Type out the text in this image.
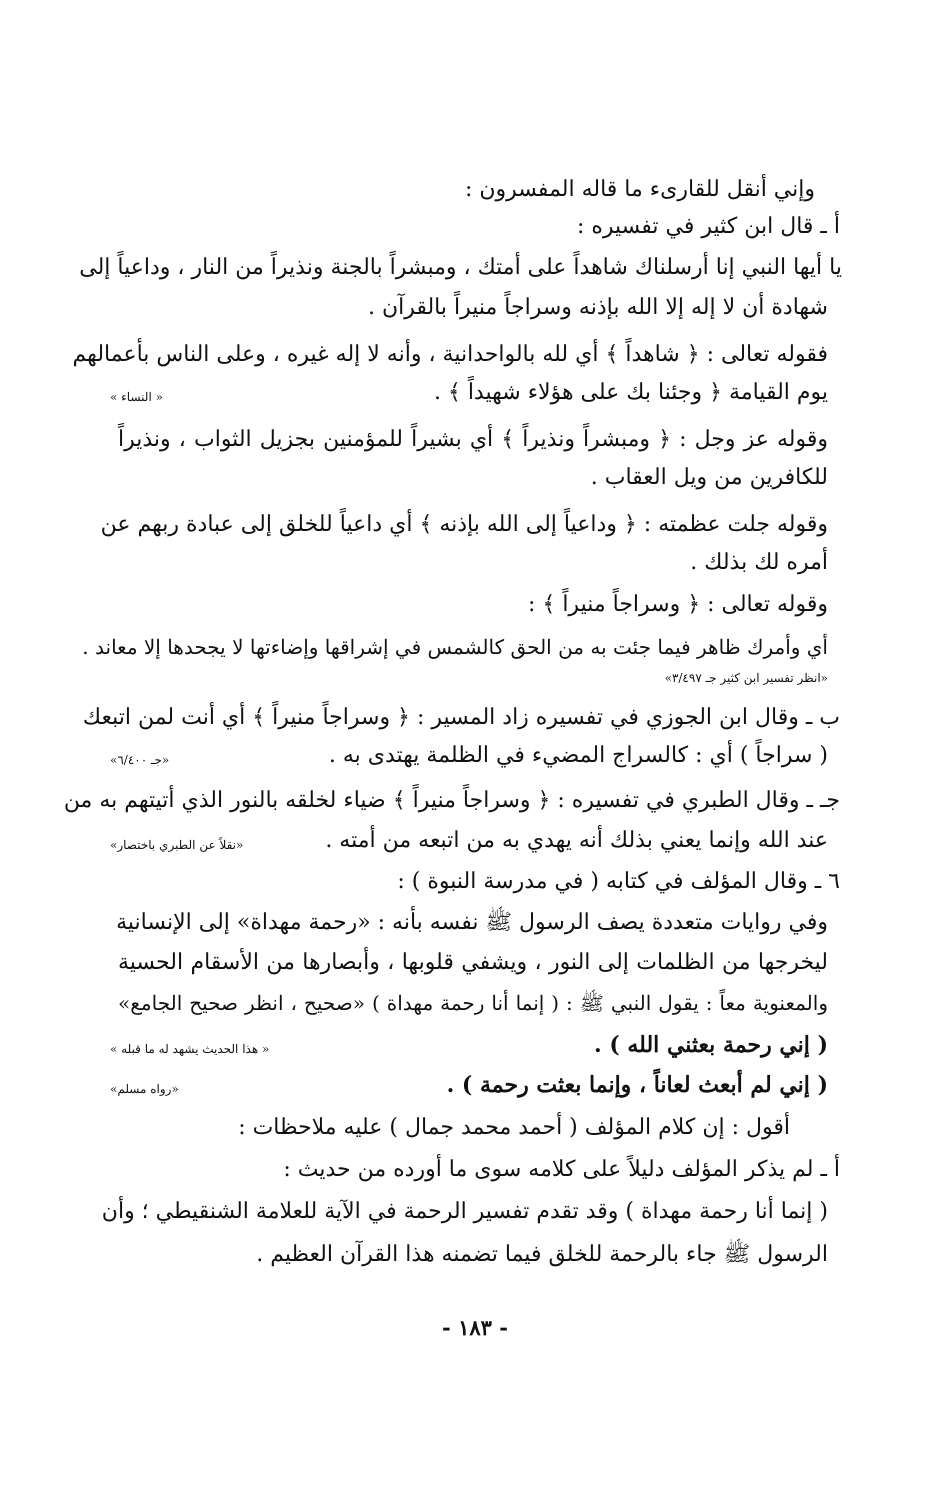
وإني أنقل للقارىء ما قاله المفسرون :
أ ـ قال ابن كثير في تفسيره :
يا أيها النبي إنا أرسلناك شاهداً على أمتك ، ومبشراً بالجنة ونذيراً من النار ، وداعياً إلى
شهادة أن لا إله إلا الله بإذنه وسراجاً منيراً بالقرآن .
فقوله تعالى : ﴿ شاهداً ﴾ أي لله بالواحدانية ، وأنه لا إله غيره ، وعلى الناس بأعمالهم
يوم القيامة ﴿ وجئنا بك على هؤلاء شهيداً ﴾ .
« النساء »
وقوله عز وجل : ﴿ ومبشراً ونذيراً ﴾ أي بشيراً للمؤمنين بجزيل الثواب ، ونذيراً
للكافرين من ويل العقاب .
وقوله جلت عظمته : ﴿ وداعياً إلى الله بإذنه ﴾ أي داعياً للخلق إلى عبادة ربهم عن
أمره لك بذلك .
وقوله تعالى : ﴿ وسراجاً منيراً ﴾ :
أي وأمرك ظاهر فيما جئت به من الحق كالشمس في إشراقها وإضاءتها لا يجحدها إلا معاند .
«انظر تفسير ابن كثير جـ ٣/٤٩٧»
ب ـ وقال ابن الجوزي في تفسيره زاد المسير : ﴿ وسراجاً منيراً ﴾ أي أنت لمن اتبعك
( سراجاً ) أي : كالسراج المضيء في الظلمة يهتدى به .
«جـ ٦/٤٠٠»
جـ ـ وقال الطبري في تفسيره : ﴿ وسراجاً منيراً ﴾ ضياء لخلقه بالنور الذي أتيتهم به من
عند الله وإنما يعني بذلك أنه يهدي به من اتبعه من أمته .
«نقلاً عن الطبري باختصار»
٦ ـ وقال المؤلف في كتابه ( في مدرسة النبوة ) :
وفي روايات متعددة يصف الرسول ﷺ نفسه بأنه : «رحمة مهداة» إلى الإنسانية
ليخرجها من الظلمات إلى النور ، ويشفي قلوبها ، وأبصارها من الأسقام الحسية
والمعنوية معاً : يقول النبي ﷺ : ( إنما أنا رحمة مهداة ) «صحيح ، انظر صحيح الجامع»
( إني رحمة بعثني الله ) .
« هذا الحديث يشهد له ما قبله »
( إني لم أبعث لعاناً ، وإنما بعثت رحمة ) .
«رواه مسلم»
أقول : إن كلام المؤلف ( أحمد محمد جمال ) عليه ملاحظات :
أ ـ لم يذكر المؤلف دليلاً على كلامه سوى ما أورده من حديث :
( إنما أنا رحمة مهداة ) وقد تقدم تفسير الرحمة في الآية للعلامة الشنقيطي ؛ وأن
الرسول ﷺ جاء بالرحمة للخلق فيما تضمنه هذا القرآن العظيم .
- ١٨٣ -
